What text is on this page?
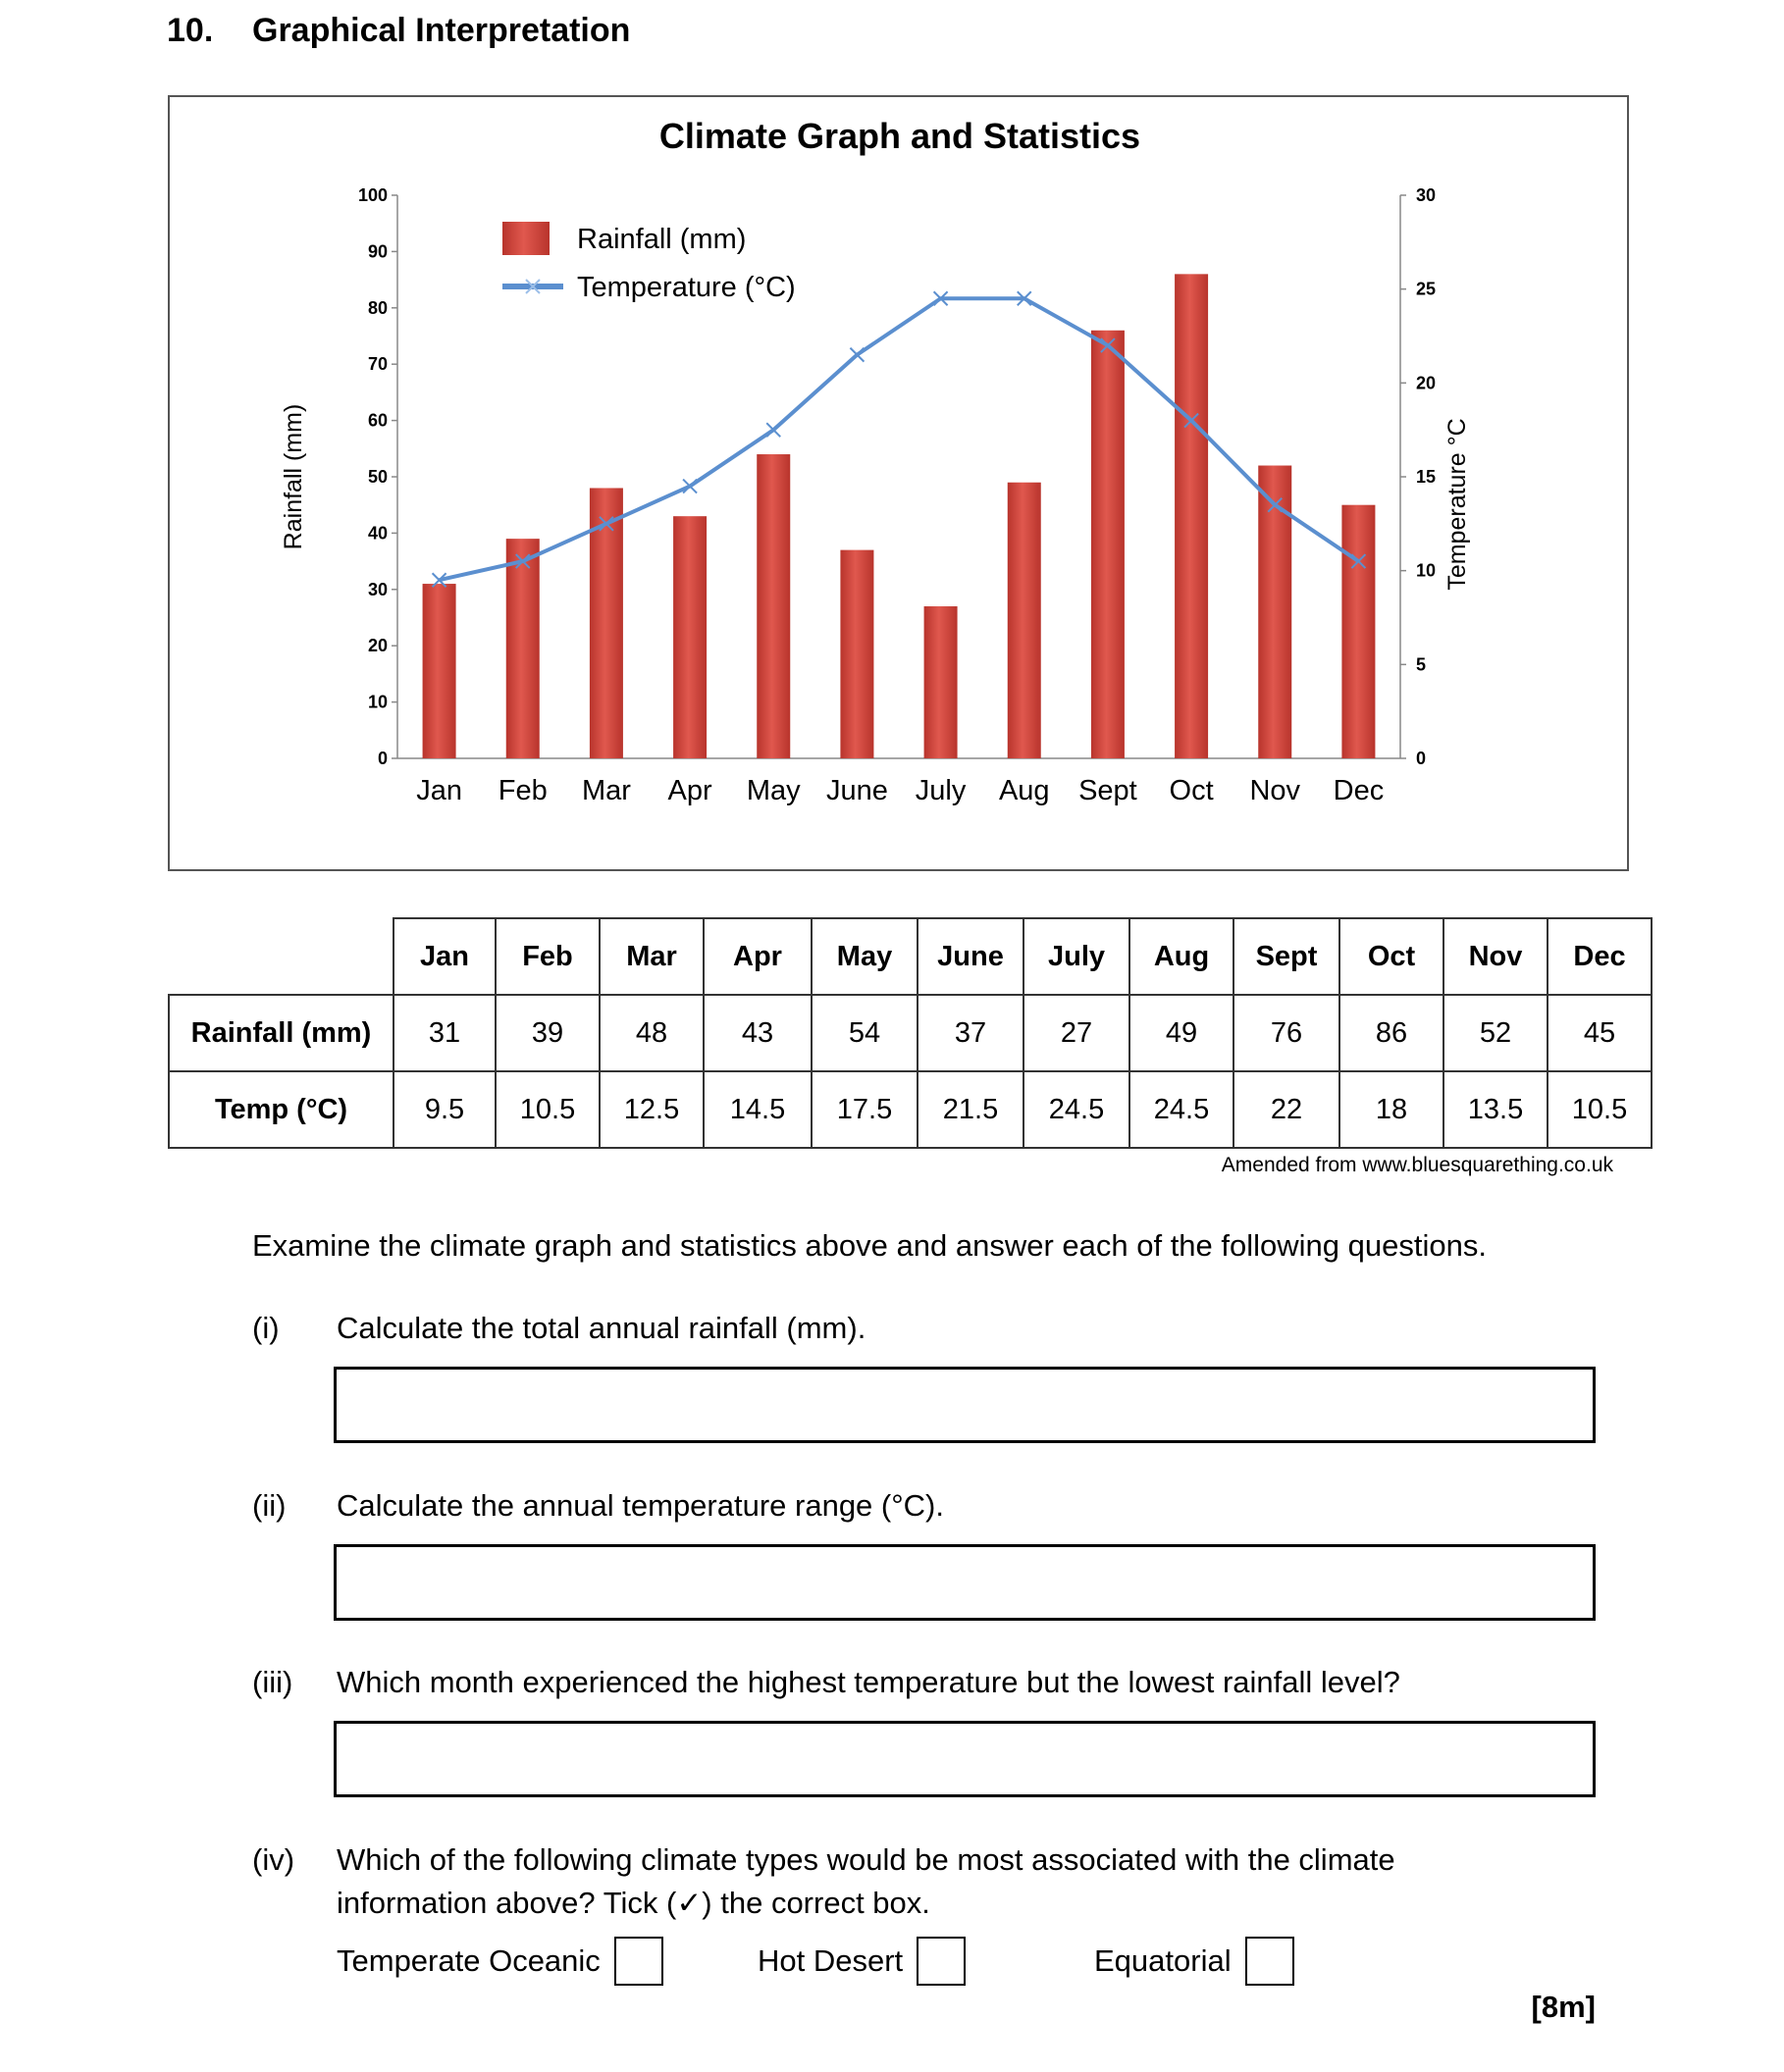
10. Graphical Interpretation
Climate Graph and Statistics
0
10
20
30
40
50
60
70
80
90
100
0
5
10
15
20
25
30
Rainfall (mm)	Temperature °C
Jan Feb Mar Apr May June July Aug Sept Oct Nov Dec
Rainfall (mm)
Temperature (°C)
	Jan	Feb	Mar	Apr	May	June	July	Aug	Sept	Oct	Nov	Dec
Rainfall (mm)	31	39	48	43	54	37	27	49	76	86	52	45
Temp (°C)	9.5	10.5	12.5	14.5	17.5	21.5	24.5	24.5	22	18	13.5	10.5
Amended from www.bluesquarething.co.uk
Examine the climate graph and statistics above and answer each of the following questions.
(i) Calculate the total annual rainfall (mm).
(ii) Calculate the annual temperature range (°C).
(iii) Which month experienced the highest temperature but the lowest rainfall level?
(iv) Which of the following climate types would be most associated with the climate information above? Tick (✓) the correct box.
Temperate Oceanic	Hot Desert	Equatorial
[8m]
